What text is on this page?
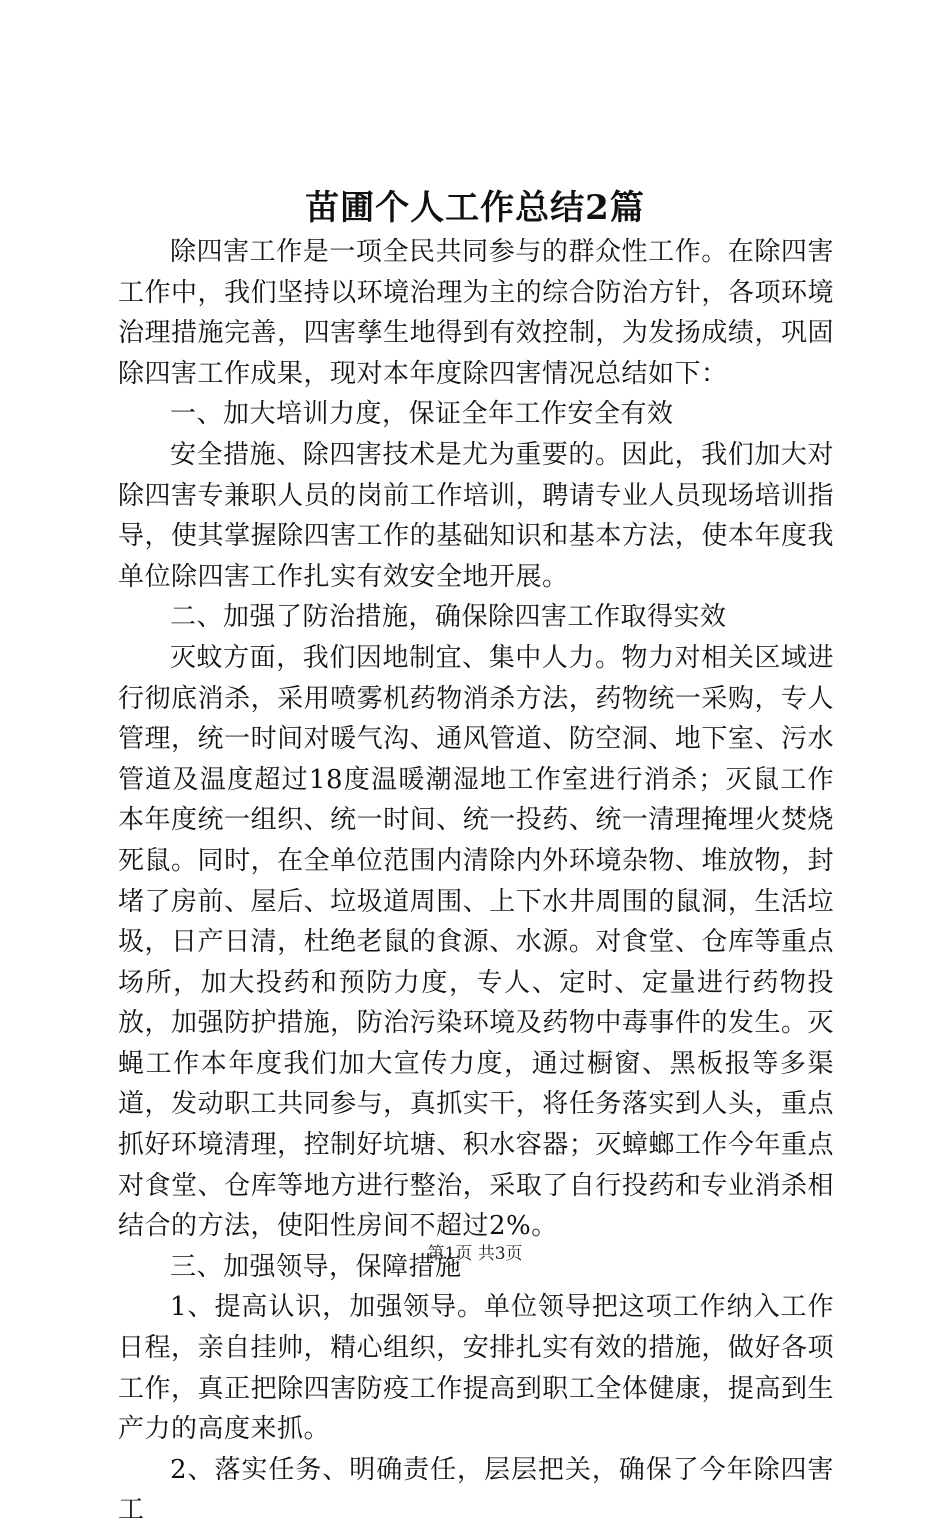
苗圃个人工作总结2篇

除四害工作是一项全民共同参与的群众性工作。在除四害工作中，我们坚持以环境治理为主的综合防治方针，各项环境治理措施完善，四害孳生地得到有效控制，为发扬成绩，巩固除四害工作成果，现对本年度除四害情况总结如下：

一、加大培训力度，保证全年工作安全有效

安全措施、除四害技术是尤为重要的。因此，我们加大对除四害专兼职人员的岗前工作培训，聘请专业人员现场培训指导，使其掌握除四害工作的基础知识和基本方法，使本年度我单位除四害工作扎实有效安全地开展。

二、加强了防治措施，确保除四害工作取得实效

灭蚊方面，我们因地制宜、集中人力。物力对相关区域进行彻底消杀，采用喷雾机药物消杀方法，药物统一采购，专人管理，统一时间对暖气沟、通风管道、防空洞、地下室、污水管道及温度超过18度温暖潮湿地工作室进行消杀；灭鼠工作本年度统一组织、统一时间、统一投药、统一清理掩埋火焚烧死鼠。同时，在全单位范围内清除内外环境杂物、堆放物，封堵了房前、屋后、垃圾道周围、上下水井周围的鼠洞，生活垃圾，日产日清，杜绝老鼠的食源、水源。对食堂、仓库等重点场所，加大投药和预防力度，专人、定时、定量进行药物投放，加强防护措施，防治污染环境及药物中毒事件的发生。灭蝇工作本年度我们加大宣传力度，通过橱窗、黑板报等多渠道，发动职工共同参与，真抓实干，将任务落实到人头，重点抓好环境清理，控制好坑塘、积水容器；灭蟑螂工作今年重点对食堂、仓库等地方进行整治，采取了自行投药和专业消杀相结合的方法，使阳性房间不超过2%。

三、加强领导，保障措施

1、提高认识，加强领导。单位领导把这项工作纳入工作日程，亲自挂帅，精心组织，安排扎实有效的措施，做好各项工作，真正把除四害防疫工作提高到职工全体健康，提高到生产力的高度来抓。

2、落实任务、明确责任，层层把关，确保了今年除四害工

第1页 共3页
